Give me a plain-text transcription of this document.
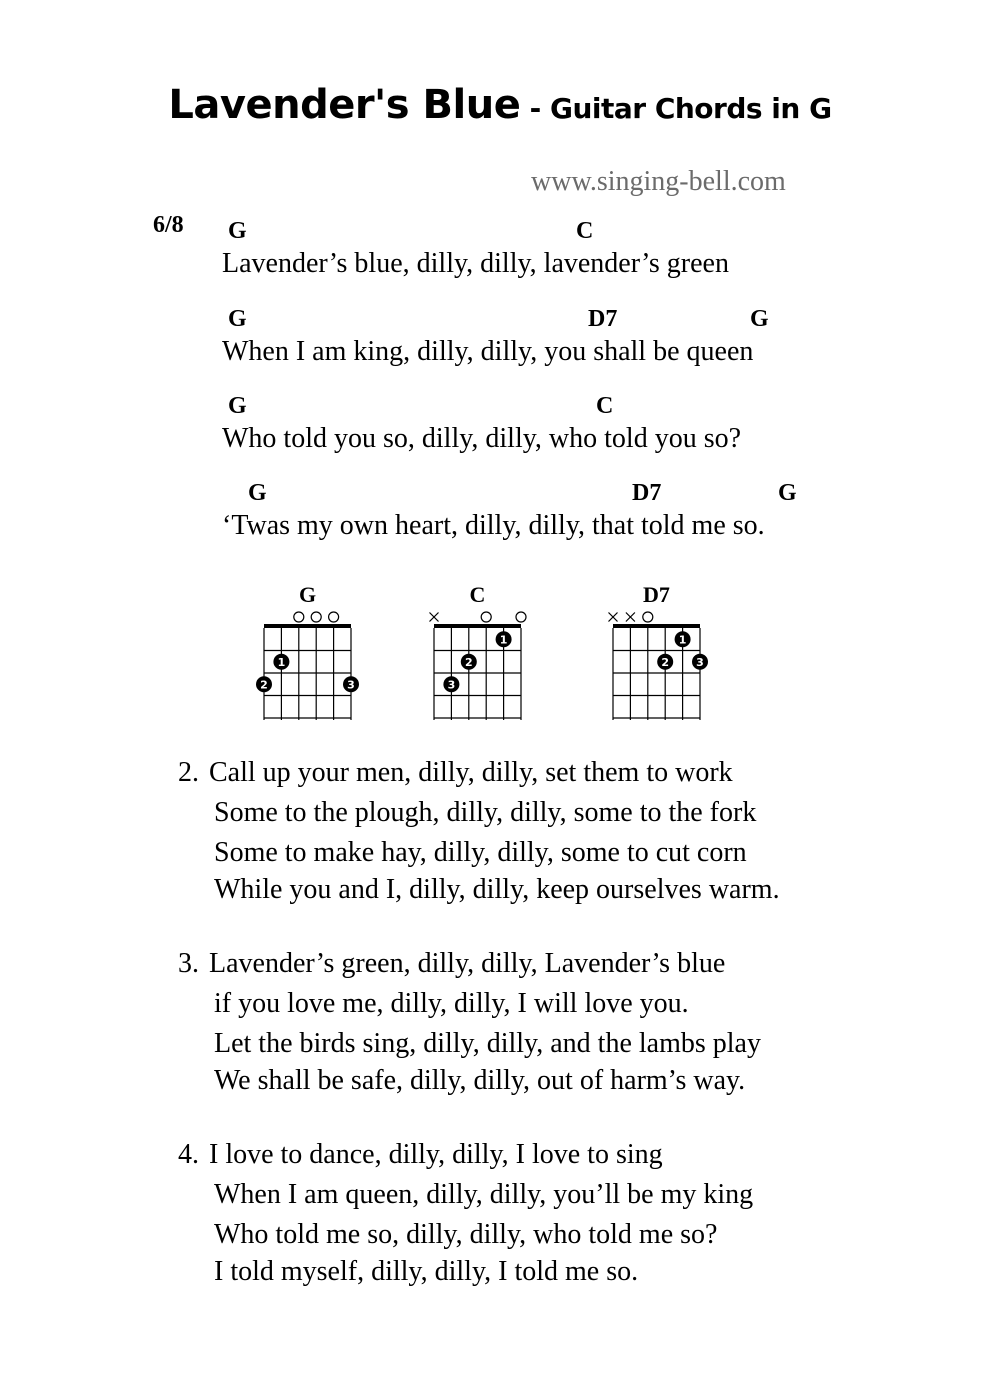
Lavender's Blue - Guitar Chords in G
www.singing-bell.com
6/8 G	C
Lavender’s blue, dilly, dilly, lavender’s green
G	D7	G
When I am king, dilly, dilly, you shall be queen
G	C
Who told you so, dilly, dilly, who told you so?
G	D7	G
‘Twas my own heart, dilly, dilly, that told me so.
G
1
2	3
C
1
2
3
D7
1
2 3
2. Call up your men, dilly, dilly, set them to work
Some to the plough, dilly, dilly, some to the fork
Some to make hay, dilly, dilly, some to cut corn
While you and I, dilly, dilly, keep ourselves warm.
3. Lavender’s green, dilly, dilly, Lavender’s blue
if you love me, dilly, dilly, I will love you.
Let the birds sing, dilly, dilly, and the lambs play
We shall be safe, dilly, dilly, out of harm’s way.
4. I love to dance, dilly, dilly, I love to sing
When I am queen, dilly, dilly, you’ll be my king
Who told me so, dilly, dilly, who told me so?
I told myself, dilly, dilly, I told me so.
